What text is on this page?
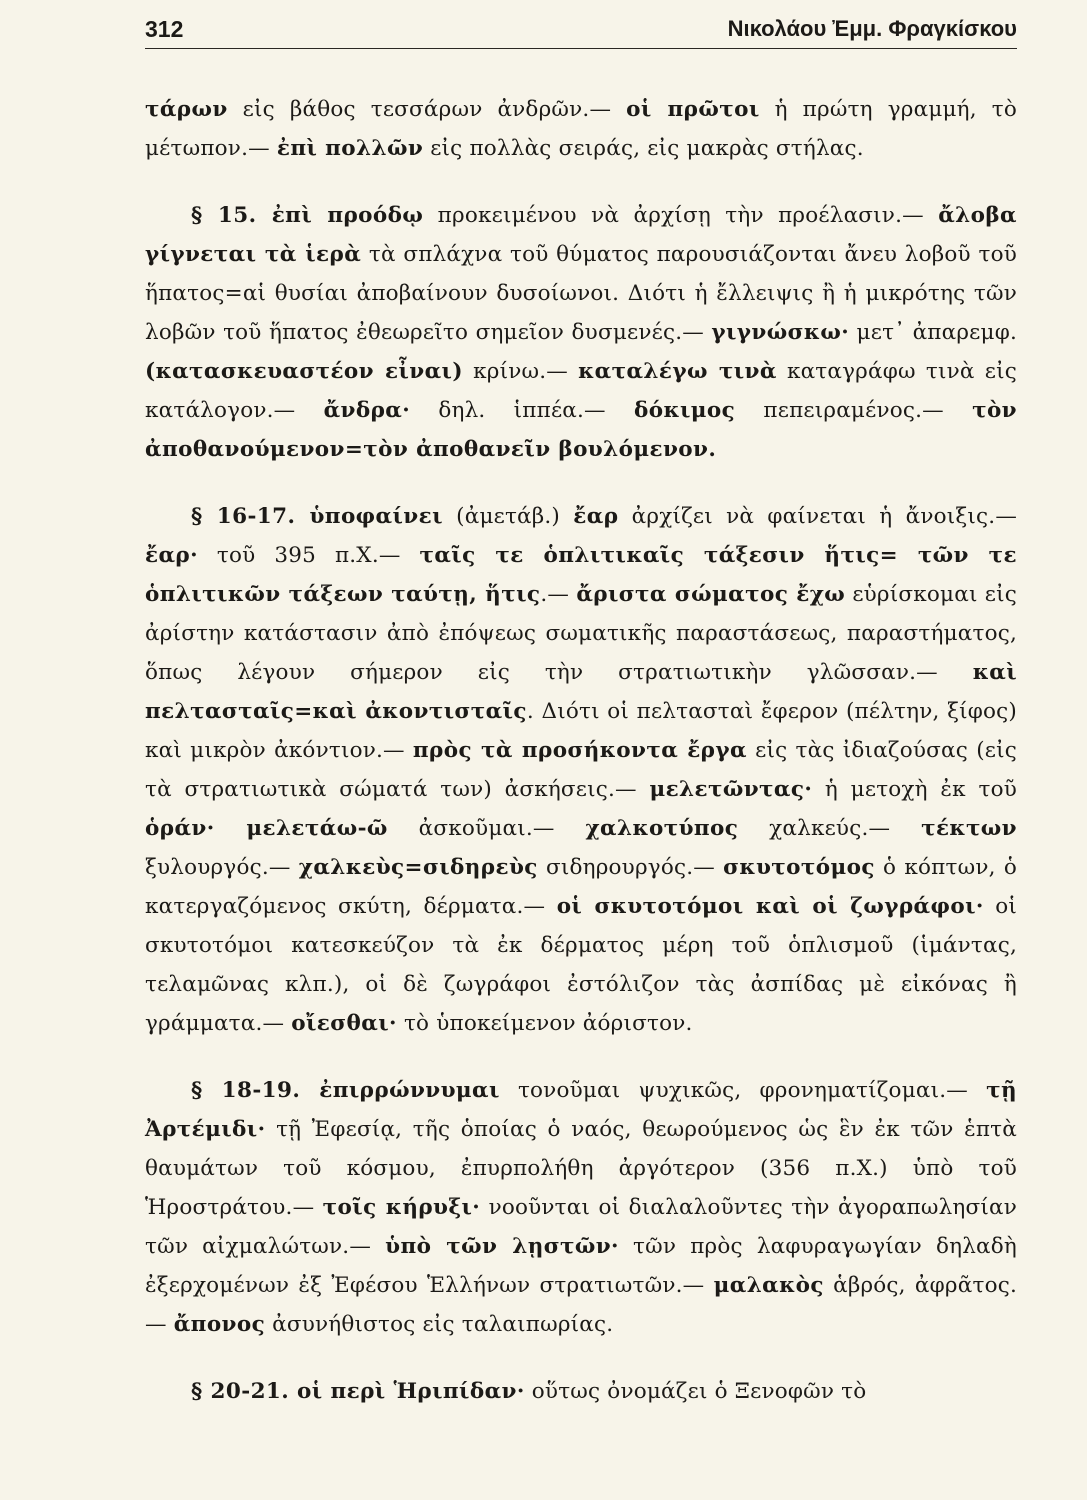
312	Νικολάου Ἐμμ. Φραγκίσκου

τάρων εἰς βάθος τεσσάρων ἀνδρῶν.— οἱ πρῶτοι ἡ πρώτη γραμμή, τὸ μέτωπον.— ἐπὶ πολλῶν εἰς πολλὰς σειράς, εἰς μακρὰς στήλας.

§ 15. ἐπὶ προόδῳ προκειμένου νὰ ἀρχίσῃ τὴν προέλασιν.— ἄλοβα γίγνεται τὰ ἱερὰ τὰ σπλάχνα τοῦ θύματος παρουσιάζονται ἄνευ λοβοῦ τοῦ ἥπατος=αἱ θυσίαι ἀποβαίνουν δυσοίωνοι. Διότι ἡ ἔλλειψις ἢ ἡ μικρότης τῶν λοβῶν τοῦ ἥπατος ἐθεωρεῖτο σημεῖον δυσμενές.— γιγνώσκω· μετ᾽ ἀπαρεμφ. (κατασκευαστέον εἶναι) κρίνω.— καταλέγω τινὰ καταγράφω τινὰ εἰς κατάλογον.— ἄνδρα· δηλ. ἱππέα.— δόκιμος πεπειραμένος.— τὸν ἀποθανούμενον=τὸν ἀποθανεῖν βουλόμενον.

§ 16-17. ὑποφαίνει (ἀμετάβ.) ἔαρ ἀρχίζει νὰ φαίνεται ἡ ἄνοιξις.— ἔαρ· τοῦ 395 π.Χ.— ταῖς τε ὁπλιτικαῖς τάξεσιν ἥτις= τῶν τε ὁπλιτικῶν τάξεων ταύτῃ, ἥτις.— ἄριστα σώματος ἔχω εὑρίσκομαι εἰς ἀρίστην κατάστασιν ἀπὸ ἐπόψεως σωματικῆς παραστάσεως, παραστήματος, ὅπως λέγουν σήμερον εἰς τὴν στρατιωτικὴν γλῶσσαν.— καὶ πελτασταῖς=καὶ ἀκοντισταῖς. Διότι οἱ πελτασταὶ ἔφερον (πέλτην, ξίφος) καὶ μικρὸν ἀκόντιον.— πρὸς τὰ προσήκοντα ἔργα εἰς τὰς ἰδιαζούσας (εἰς τὰ στρατιωτικὰ σώματά των) ἀσκήσεις.— μελετῶντας· ἡ μετοχὴ ἐκ τοῦ ὁράν· μελετάω-ῶ ἀσκοῦμαι.— χαλκοτύπος χαλκεύς.— τέκτων ξυλουργός.— χαλκεὺς=σιδηρεὺς σιδηρουργός.— σκυτοτόμος ὁ κόπτων, ὁ κατεργαζόμενος σκύτη, δέρματα.— οἱ σκυτοτόμοι καὶ οἱ ζωγράφοι· οἱ σκυτοτόμοι κατεσκεύζον τὰ ἐκ δέρματος μέρη τοῦ ὁπλισμοῦ (ἱμάντας, τελαμῶνας κλπ.), οἱ δὲ ζωγράφοι ἐστόλιζον τὰς ἀσπίδας μὲ εἰκόνας ἢ γράμματα.— οἴεσθαι· τὸ ὑποκείμενον ἀόριστον.

§ 18-19. ἐπιρρώννυμαι τονοῦμαι ψυχικῶς, φρονηματίζομαι.— τῇ Ἀρτέμιδι· τῇ Ἐφεσίᾳ, τῆς ὁποίας ὁ ναός, θεωρούμενος ὡς ἓν ἐκ τῶν ἑπτὰ θαυμάτων τοῦ κόσμου, ἐπυρπολήθη ἀργότερον (356 π.Χ.) ὑπὸ τοῦ Ἡροστράτου.— τοῖς κήρυξι· νοοῦνται οἱ διαλαλοῦντες τὴν ἀγοραπωλησίαν τῶν αἰχμαλώτων.— ὑπὸ τῶν λῃστῶν· τῶν πρὸς λαφυραγωγίαν δηλαδὴ ἐξερχομένων ἐξ Ἐφέσου Ἑλλήνων στρατιωτῶν.— μαλακὸς ἁβρός, ἀφρᾶτος.— ἄπονος ἀσυνήθιστος εἰς ταλαιπωρίας.

§ 20-21. οἱ περὶ Ἡριπίδαν· οὕτως ὀνομάζει ὁ Ξενοφῶν τὸ
